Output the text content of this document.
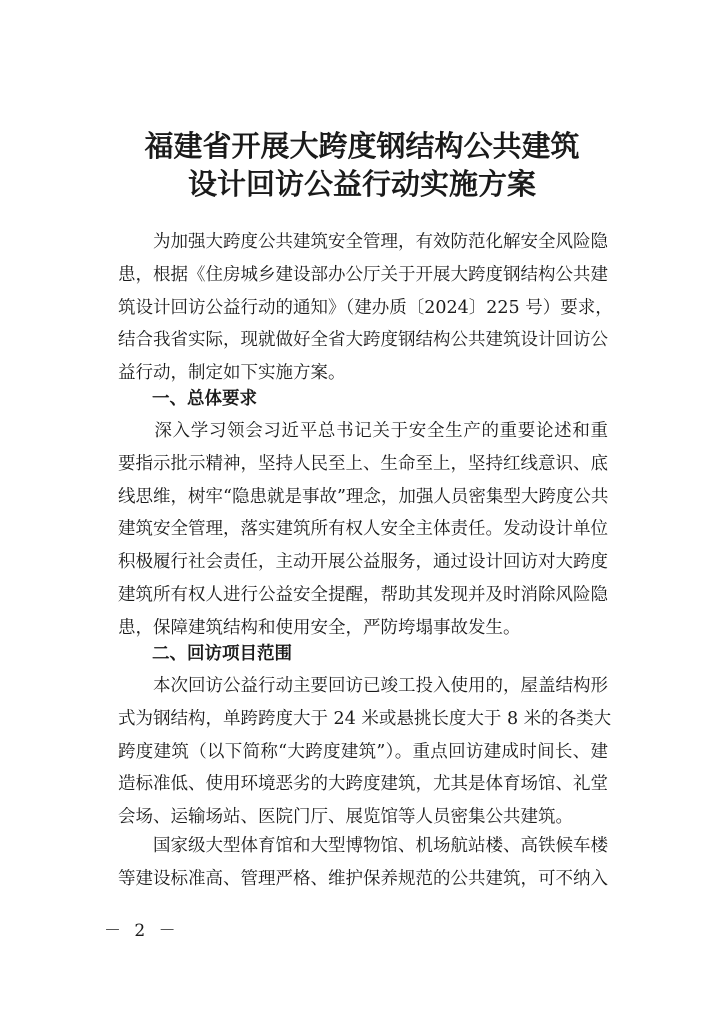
福建省开展大跨度钢结构公共建筑
设计回访公益行动实施方案
　　为加强大跨度公共建筑安全管理，有效防范化解安全风险隐
患，根据《住房城乡建设部办公厅关于开展大跨度钢结构公共建
筑设计回访公益行动的通知》（建办质〔2024〕225 号）要求，
结合我省实际，现就做好全省大跨度钢结构公共建筑设计回访公
益行动，制定如下实施方案。
一、总体要求
　　深入学习领会习近平总书记关于安全生产的重要论述和重
要指示批示精神，坚持人民至上、生命至上，坚持红线意识、底
线思维，树牢“隐患就是事故”理念，加强人员密集型大跨度公共
建筑安全管理，落实建筑所有权人安全主体责任。发动设计单位
积极履行社会责任，主动开展公益服务，通过设计回访对大跨度
建筑所有权人进行公益安全提醒，帮助其发现并及时消除风险隐
患，保障建筑结构和使用安全，严防垮塌事故发生。
二、回访项目范围
　　本次回访公益行动主要回访已竣工投入使用的，屋盖结构形
式为钢结构，单跨跨度大于 24 米或悬挑长度大于 8 米的各类大
跨度建筑（以下简称“大跨度建筑”）。重点回访建成时间长、建
造标准低、使用环境恶劣的大跨度建筑，尤其是体育场馆、礼堂
会场、运输场站、医院门厅、展览馆等人员密集公共建筑。
　　国家级大型体育馆和大型博物馆、机场航站楼、高铁候车楼
等建设标准高、管理严格、维护保养规范的公共建筑，可不纳入
－ 2 －
